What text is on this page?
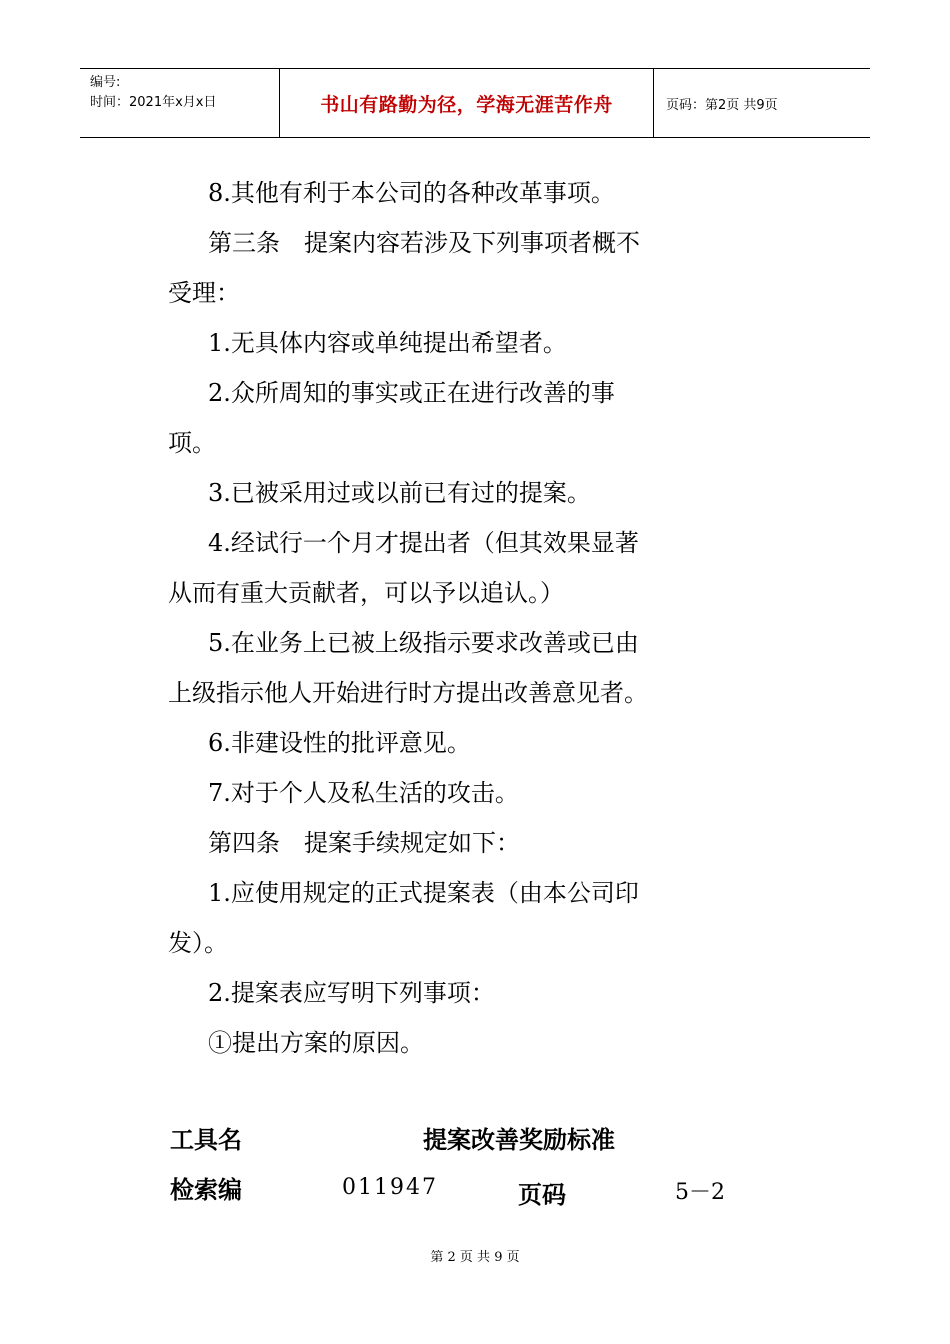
编号:
时间：2021年x月x日	书山有路勤为径，学海无涯苦作舟	页码：第2页 共9页
8.其他有利于本公司的各种改革事项。
第三条　提案内容若涉及下列事项者概不
受理：
1.无具体内容或单纯提出希望者。
2.众所周知的事实或正在进行改善的事
项。
3.已被采用过或以前已有过的提案。
4.经试行一个月才提出者（但其效果显著
从而有重大贡献者，可以予以追认。）
5.在业务上已被上级指示要求改善或已由
上级指示他人开始进行时方提出改善意见者。
6.非建设性的批评意见。
7.对于个人及私生活的攻击。
第四条　提案手续规定如下：
1.应使用规定的正式提案表（由本公司印
发）。
2.提案表应写明下列事项：
①提出方案的原因。
工具名	提案改善奖励标准
检索编	011947	页码	5－2
第 2 页 共 9 页
